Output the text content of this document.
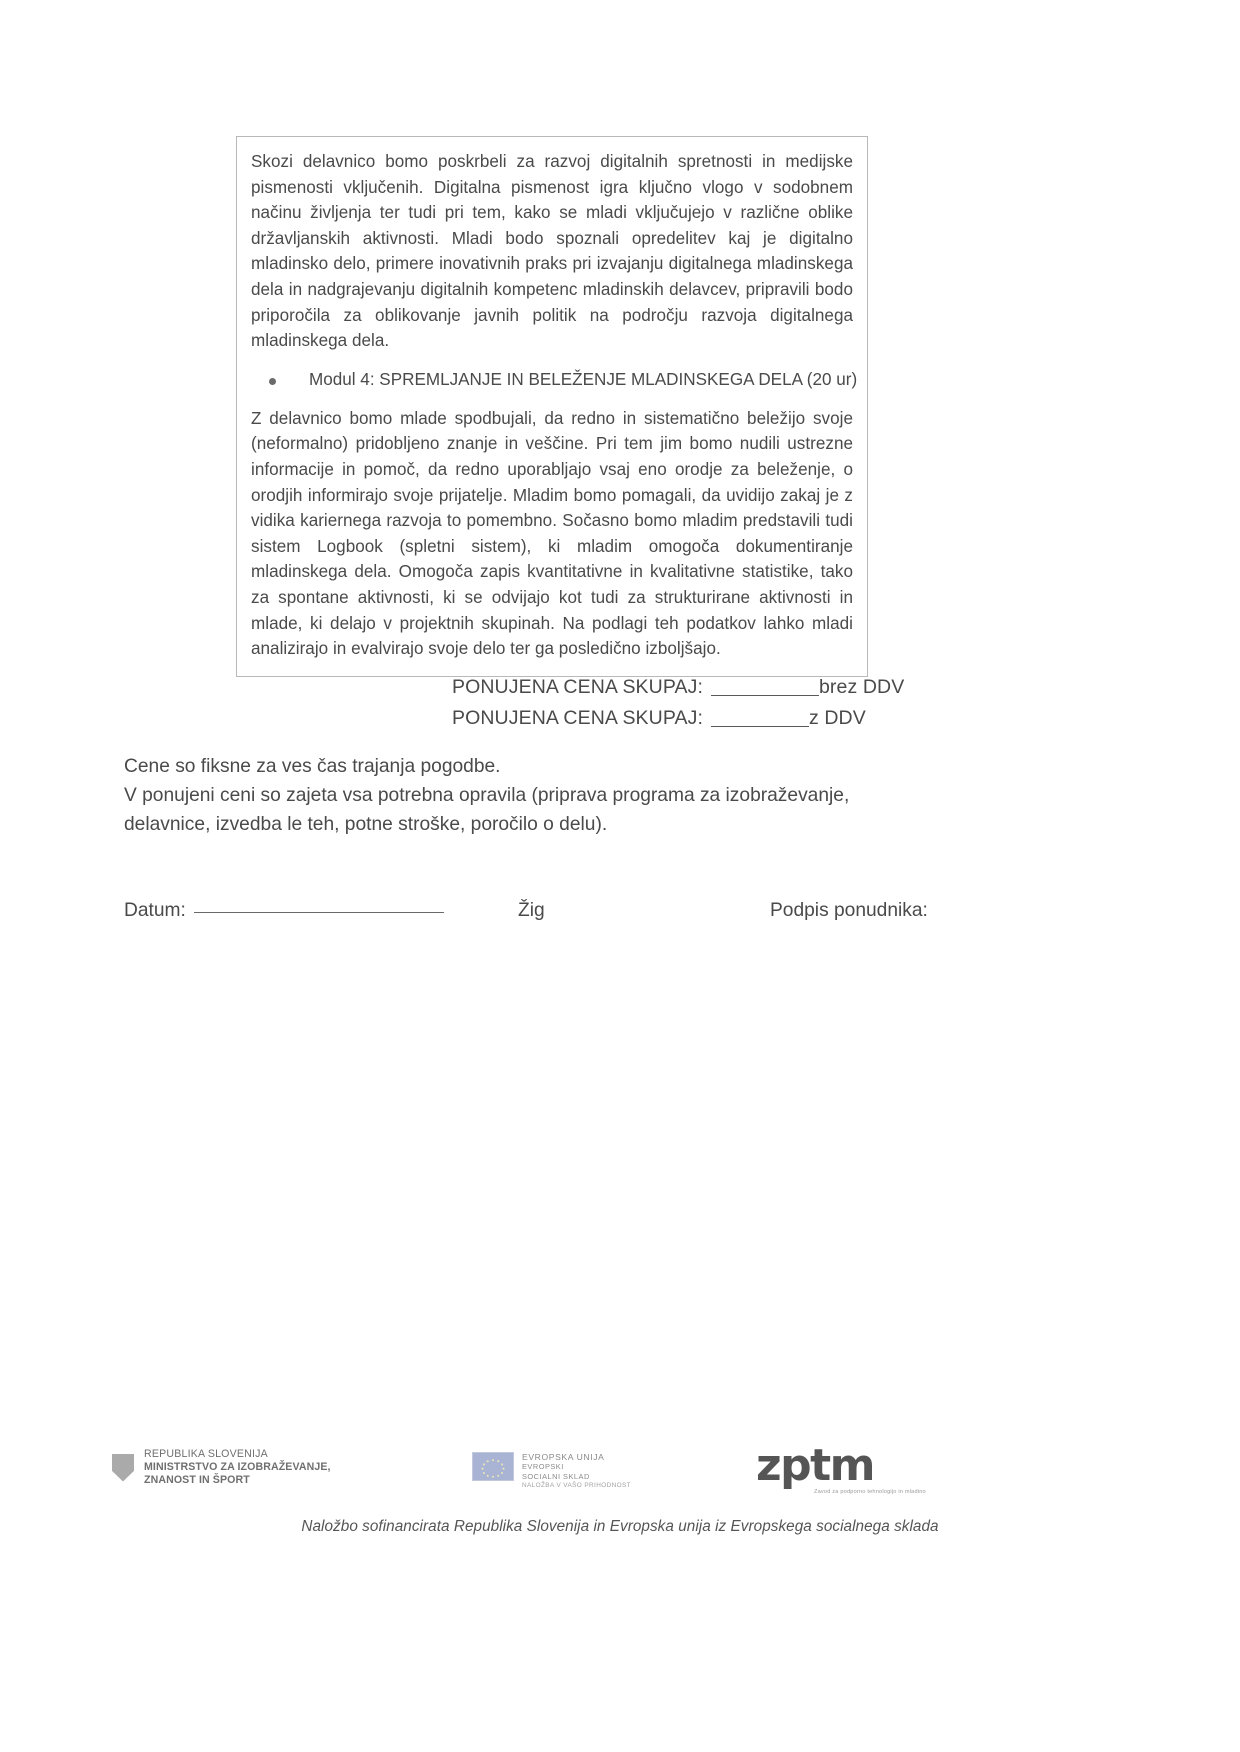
Skozi delavnico bomo poskrbeli za razvoj digitalnih spretnosti in medijske pismenosti vključenih. Digitalna pismenost igra ključno vlogo v sodobnem načinu življenja ter tudi pri tem, kako se mladi vključujejo v različne oblike državljanskih aktivnosti. Mladi bodo spoznali opredelitev kaj je digitalno mladinsko delo, primere inovativnih praks pri izvajanju digitalnega mladinskega dela in nadgrajevanju digitalnih kompetenc mladinskih delavcev, pripravili bodo priporočila za oblikovanje javnih politik na področju razvoja digitalnega mladinskega dela.

Modul 4: SPREMLJANJE IN BELEŽENJE MLADINSKEGA DELA (20 ur)

Z delavnico bomo mlade spodbujali, da redno in sistematično beležijo svoje (neformalno) pridobljeno znanje in veščine. Pri tem jim bomo nudili ustrezne informacije in pomoč, da redno uporabljajo vsaj eno orodje za beleženje, o orodjih informirajo svoje prijatelje. Mladim bomo pomagali, da uvidijo zakaj je z vidika kariernega razvoja to pomembno. Sočasno bomo mladim predstavili tudi sistem Logbook (spletni sistem), ki mladim omogoča dokumentiranje mladinskega dela. Omogoča zapis kvantitativne in kvalitativne statistike, tako za spontane aktivnosti, ki se odvijajo kot tudi za strukturirane aktivnosti in mlade, ki delajo v projektnih skupinah. Na podlagi teh podatkov lahko mladi analizirajo in evalvirajo svoje delo ter ga posledično izboljšajo.

PONUJENA CENA SKUPAJ:	brez DDV
PONUJENA CENA SKUPAJ:	z DDV
Cene so fiksne za ves čas trajanja pogodbe.
V ponujeni ceni so zajeta vsa potrebna opravila (priprava programa za izobraževanje, delavnice, izvedba le teh, potne stroške, poročilo o delu).
Datum:	Žig	Podpis ponudnika:
REPUBLIKA SLOVENIJA
MINISTRSTVO ZA IZOBRAŽEVANJE,
ZNANOST IN ŠPORT
EVROPSKA UNIJA
EVROPSKI
SOCIALNI SKLAD
NALOŽBA V VAŠO PRIHODNOST	zptm
Zavod za podporno tehnologijo in mladino
Naložbo sofinancirata Republika Slovenija in Evropska unija iz Evropskega socialnega sklada
